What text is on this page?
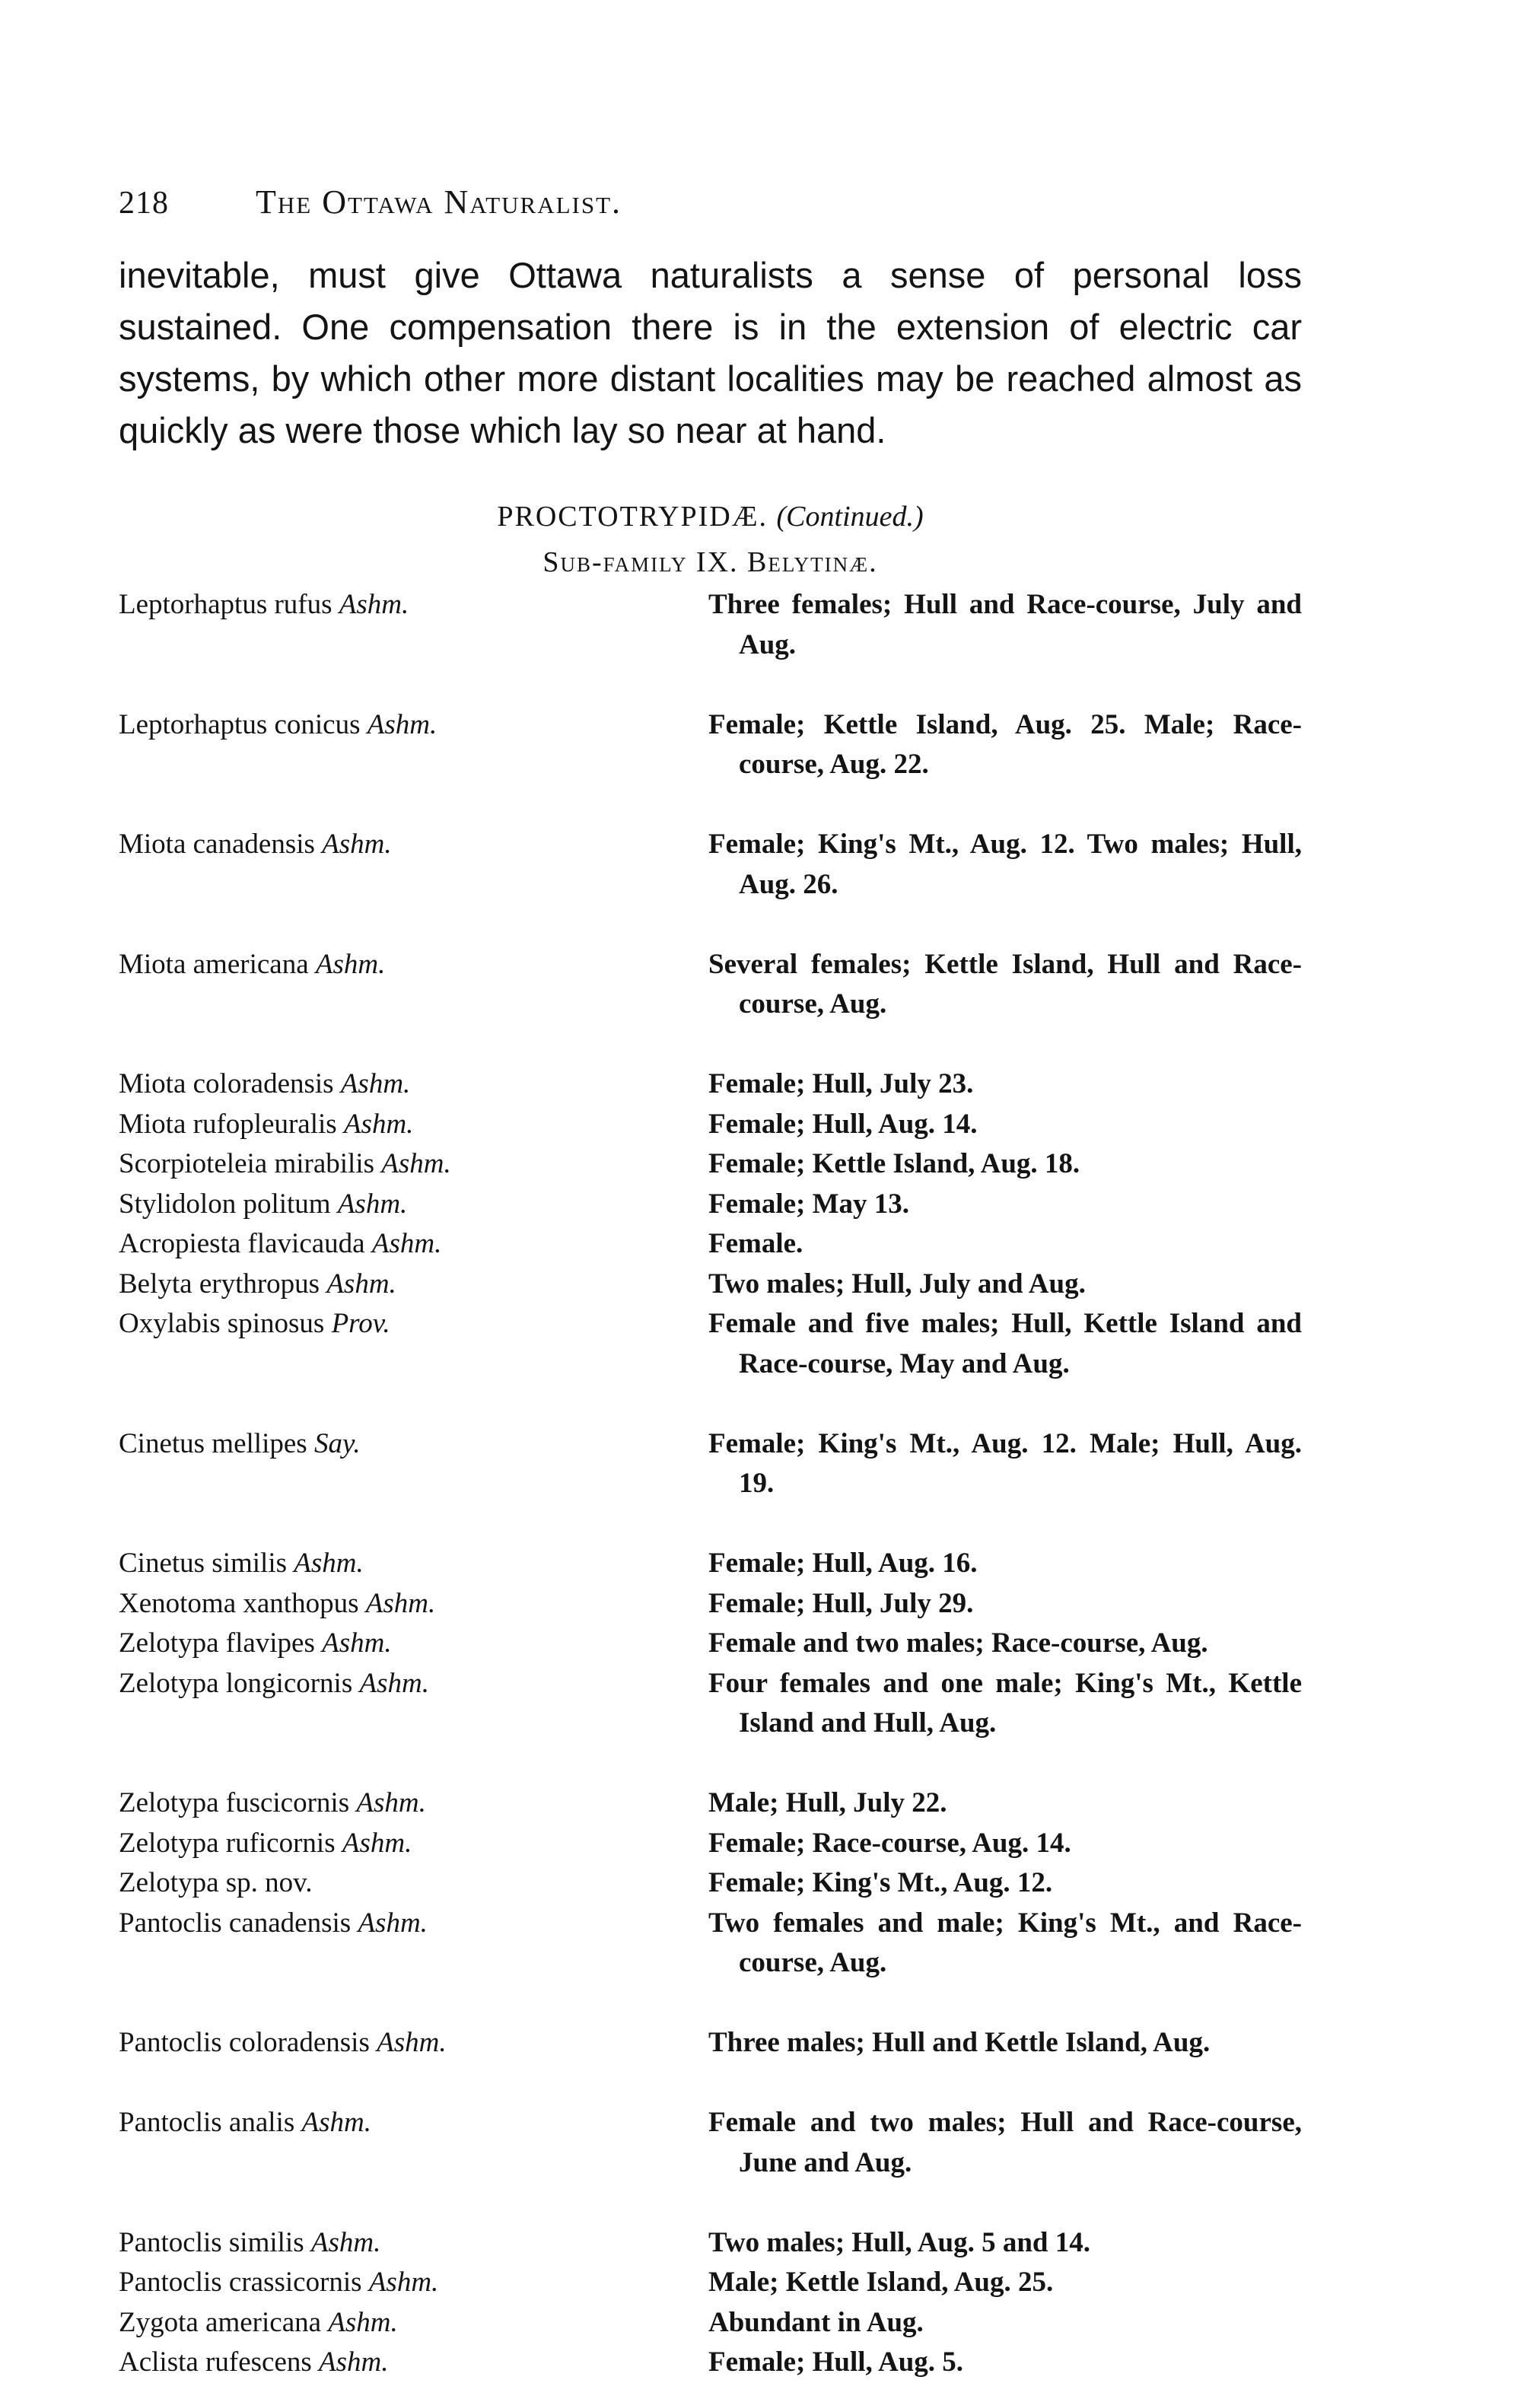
218	The Ottawa Naturalist.

inevitable, must give Ottawa naturalists a sense of personal loss sustained. One compensation there is in the extension of electric car systems, by which other more distant localities may be reached almost as quickly as were those which lay so near at hand.

PROCTOTRYPIDÆ. (Continued.)
Sub-family IX. Belytinæ.
Leptorhaptus rufus Ashm.	Three females; Hull and Race-course, July and Aug.
Leptorhaptus conicus Ashm.	Female; Kettle Island, Aug. 25. Male; Race-course, Aug. 22.
Miota canadensis Ashm.	Female; King's Mt., Aug. 12. Two males; Hull, Aug. 26.
Miota americana Ashm.	Several females; Kettle Island, Hull and Race-course, Aug.
Miota coloradensis Ashm.	Female; Hull, July 23.
Miota rufopleuralis Ashm.	Female; Hull, Aug. 14.
Scorpioteleia mirabilis Ashm.	Female; Kettle Island, Aug. 18.
Stylidolon politum Ashm.	Female; May 13.
Acropiesta flavicauda Ashm.	Female.
Belyta erythropus Ashm.	Two males; Hull, July and Aug.
Oxylabis spinosus Prov.	Female and five males; Hull, Kettle Island and Race-course, May and Aug.
Cinetus mellipes Say.	Female; King's Mt., Aug. 12. Male; Hull, Aug. 19.
Cinetus similis Ashm.	Female; Hull, Aug. 16.
Xenotoma xanthopus Ashm.	Female; Hull, July 29.
Zelotypa flavipes Ashm.	Female and two males; Race-course, Aug.
Zelotypa longicornis Ashm.	Four females and one male; King's Mt., Kettle Island and Hull, Aug.
Zelotypa fuscicornis Ashm.	Male; Hull, July 22.
Zelotypa ruficornis Ashm.	Female; Race-course, Aug. 14.
Zelotypa sp. nov.	Female; King's Mt., Aug. 12.
Pantoclis canadensis Ashm.	Two females and male; King's Mt., and Race-course, Aug.
Pantoclis coloradensis Ashm.	Three males; Hull and Kettle Island, Aug.
Pantoclis analis Ashm.	Female and two males; Hull and Race-course, June and Aug.
Pantoclis similis Ashm.	Two males; Hull, Aug. 5 and 14.
Pantoclis crassicornis Ashm.	Male; Kettle Island, Aug. 25.
Zygota americana Ashm.	Abundant in Aug.
Aclista rufescens Ashm.	Female; Hull, Aug. 5.
